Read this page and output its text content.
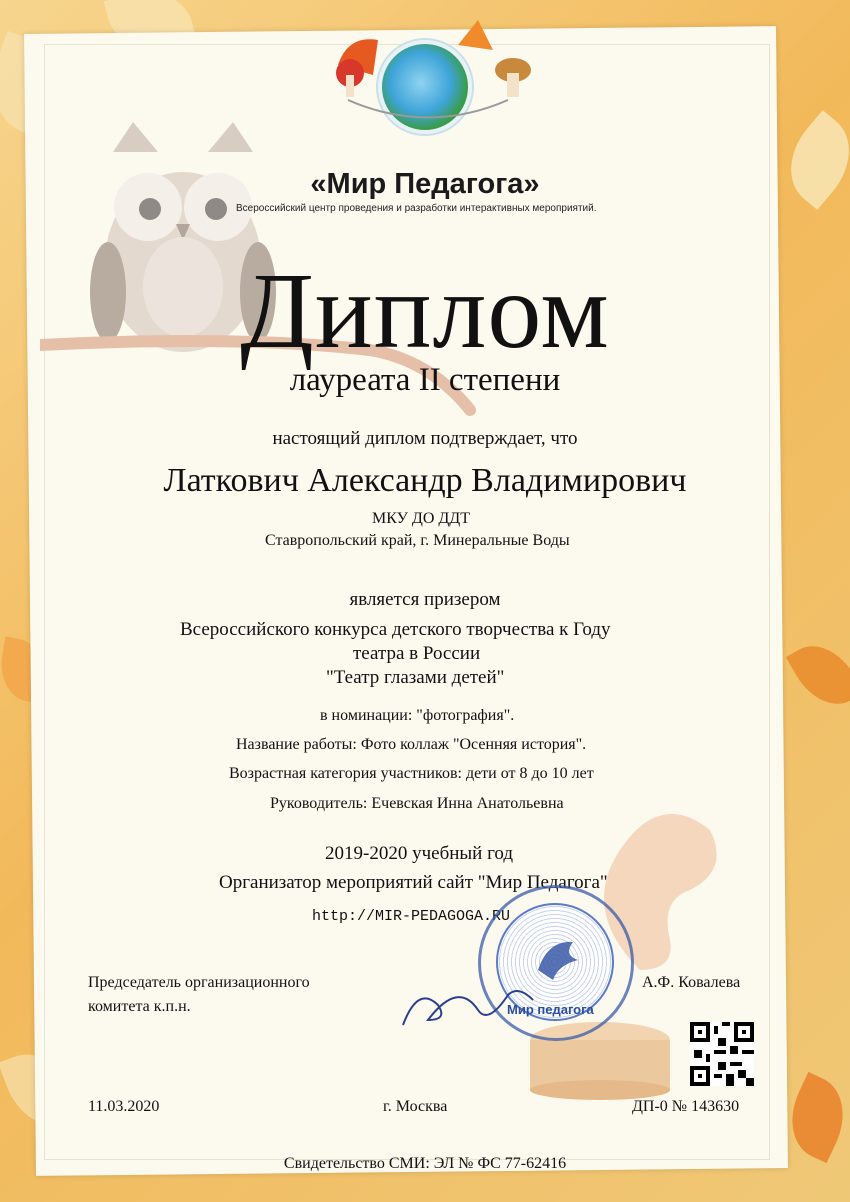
«Мир Педагога»
Всероссийский центр проведения и разработки интерактивных мероприятий.
Диплом
лауреата II степени
настоящий диплом подтверждает, что
Латкович Александр Владимирович
МКУ ДО ДДТ
Ставропольский край, г. Минеральные Воды
является призером
Всероссийского конкурса детского творчества к Году
театра в России
"Театр глазами детей"
в номинации: "фотография".
Название работы: Фото коллаж "Осенняя история".
Возрастная категория участников: дети от 8 до 10 лет
Руководитель: Ечевская Инна Анатольевна
2019-2020 учебный год
Организатор мероприятий сайт "Мир Педагога"
http://MIR-PEDAGOGA.RU
Мир педагога
Председатель организационного
комитета к.п.н.
А.Ф. Ковалева
11.03.2020	г. Москва	ДП-0 № 143630
Свидетельство СМИ: ЭЛ № ФС 77-62416
